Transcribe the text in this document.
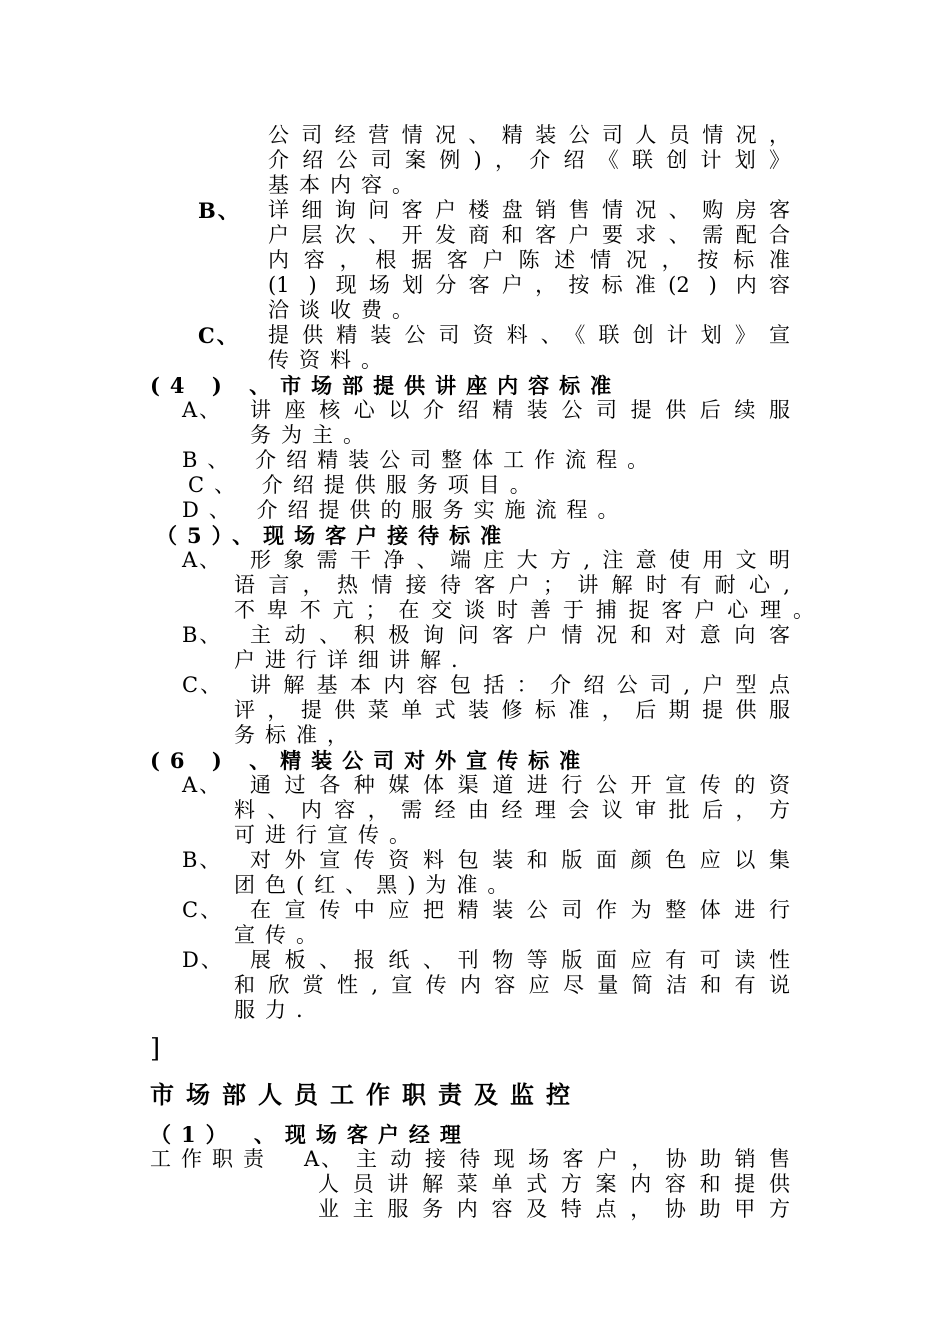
公司经营情况、精装公司人员情况，
介绍公司案例)，介绍《联创计划》
基本内容。
B、 详细询问客户楼盘销售情况、购房客
户层次、开发商和客户要求、需配合
内容，根据客户陈述情况，按标准
(1 ) 现场划分客户，按标准(2 ) 内容
洽谈收费。
C、 提供精装公司资料、《联创计划》宣
传资料。
(4 ) 、市场部提供讲座内容标准
A、 讲座核心以介绍精装公司提供后续服
务为主。
B、 介绍精装公司整体工作流程。
C、 介绍提供服务项目。
D、 介绍提供的服务实施流程。
（5）、现场客户接待标准
A、 形象需干净、端庄大方,注意使用文明
语言，热情接待客户；讲解时有耐心,
不卑不亢；在交谈时善于捕捉客户心理。
B、 主动、积极询问客户情况和对意向客
户进行详细讲解.
C、 讲解基本内容包括：介绍公司,户型点
评，提供菜单式装修标准，后期提供服
务标准，
(6 ) 、精装公司对外宣传标准
A、 通过各种媒体渠道进行公开宣传的资
料、内容，需经由经理会议审批后，方
可进行宣传。
B、 对外宣传资料包装和版面颜色应以集
团色(红、黑)为准。
C、 在宣传中应把精装公司作为整体进行
宣传。
D、 展板、报纸、刊物等版面应有可读性
和欣赏性,宣传内容应尽量简洁和有说
服力.
]
市场部人员工作职责及监控
（1） 、现场客户经理
工作职责 A、 主动接待现场客户，协助销售
人员讲解菜单式方案内容和提供
业主服务内容及特点，协助甲方
